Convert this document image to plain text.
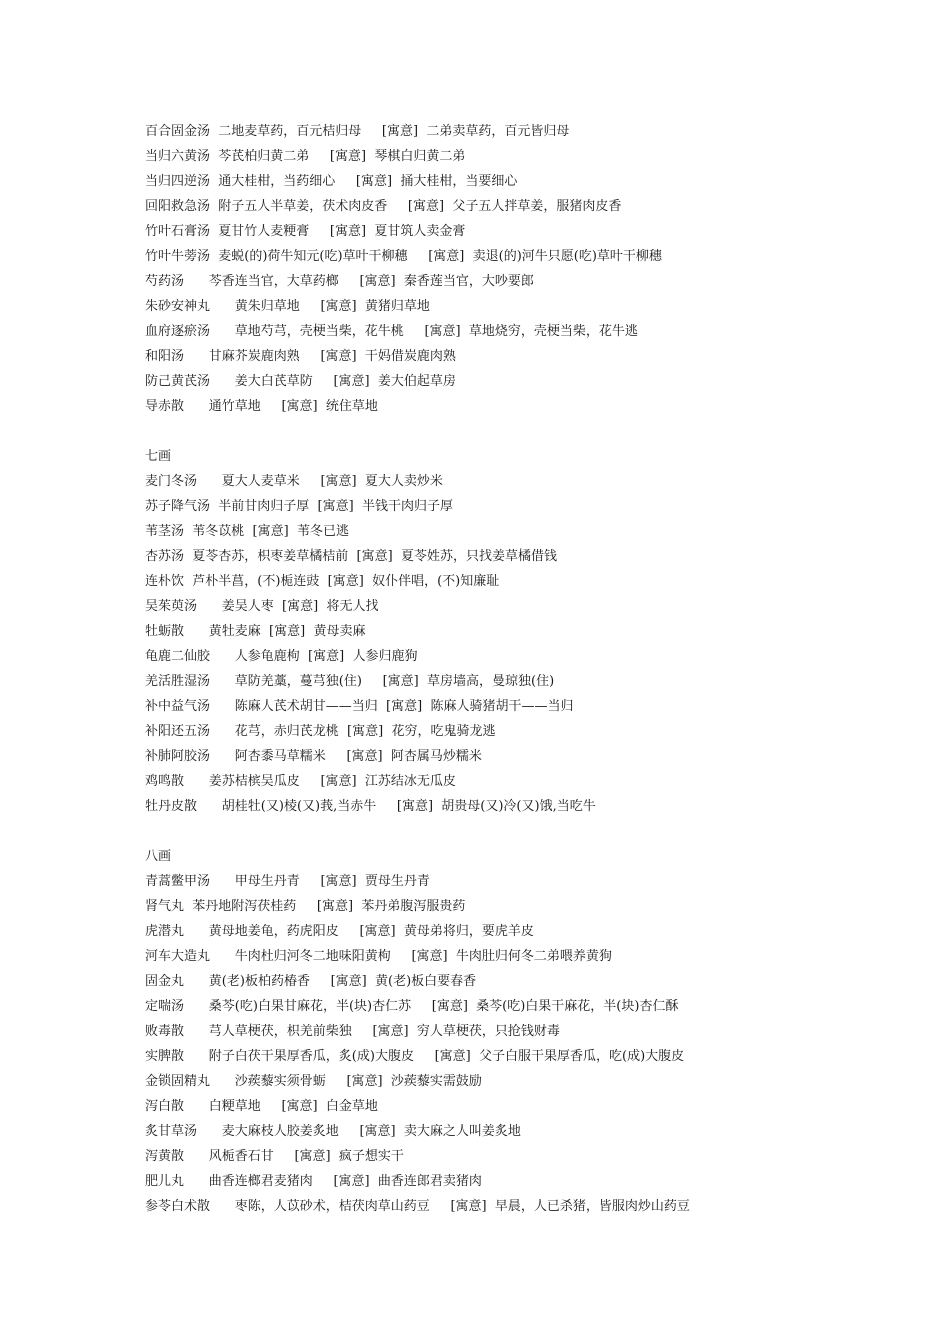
百合固金汤  二地麦草药，百元桔归母     [寓意]  二弟卖草药，百元皆归母
当归六黄汤  芩芪柏归黄二弟     [寓意]  琴棋白归黄二弟
当归四逆汤  通大桂柑，当药细心     [寓意]  捅大桂柑，当要细心
回阳救急汤  附子五人半草姜，茯术肉皮香     [寓意]  父子五人拌草姜，服猪肉皮香
竹叶石膏汤  夏甘竹人麦粳膏     [寓意]  夏甘筑人卖金膏
竹叶牛蒡汤  麦蜕(的)荷牛知元(吃)草叶干柳穗     [寓意]  卖退(的)河牛只愿(吃)草叶干柳穗
芍药汤      芩香连当官，大草药榔     [寓意]  秦香莲当官，大吵要郎
朱砂安神丸      黄朱归草地     [寓意]  黄猪归草地
血府逐瘀汤      草地芍芎，壳梗当柴，花牛桃     [寓意]  草地烧穷，壳梗当柴，花牛逃
和阳汤      甘麻芥炭鹿肉熟     [寓意]  干妈借炭鹿肉熟
防己黄芪汤      姜大白芪草防     [寓意]  姜大伯起草房
导赤散      通竹草地     [寓意]  统住草地
七画
麦门冬汤      夏大人麦草米     [寓意]  夏大人卖炒米
苏子降气汤  半前甘肉归子厚  [寓意]  半钱干肉归子厚
苇茎汤  苇冬苡桃  [寓意]  苇冬已逃
杏苏汤  夏苓杏苏，枳枣姜草橘桔前  [寓意]  夏苓姓苏，只找姜草橘借钱
连朴饮  芦朴半菖，(不)栀连豉  [寓意]  奴仆伴唱，(不)知廉耻
吴茱萸汤      姜吴人枣  [寓意]  将无人找
牡蛎散      黄牡麦麻  [寓意]  黄母卖麻
龟鹿二仙胶      人参龟鹿枸  [寓意]  人参归鹿狗
羌活胜湿汤      草防羌藁，蔓芎独(住)     [寓意]  草房墙高，曼琼独(住)
补中益气汤      陈麻人芪术胡甘——当归  [寓意]  陈麻人骑猪胡干——当归
补阳还五汤      花芎，赤归芪龙桃  [寓意]  花穷，吃鬼骑龙逃
补肺阿胶汤      阿杏黍马草糯米     [寓意]  阿杏属马炒糯米
鸡鸣散      姜苏桔槟吴瓜皮     [寓意]  江苏结冰无瓜皮
牡丹皮散      胡桂牡(又)棱(又)莪,当赤牛     [寓意]  胡贵母(又)冷(又)饿,当吃牛
八画
青蒿鳖甲汤      甲母生丹青     [寓意]  贾母生丹青
肾气丸  苯丹地附泻茯桂药     [寓意]  苯丹弟腹泻服贵药
虎潜丸      黄母地姜龟，药虎阳皮     [寓意]  黄母弟将归，要虎羊皮
河车大造丸      牛肉杜归河冬二地味阳黄枸     [寓意]  牛肉肚归何冬二弟喂养黄狗
固金丸      黄(老)板柏药椿香     [寓意]  黄(老)板白要春香
定喘汤      桑芩(吃)白果甘麻花，半(块)杏仁苏     [寓意]  桑芩(吃)白果干麻花，半(块)杏仁酥
败毒散      芎人草梗茯，枳羌前柴独     [寓意]  穷人草梗茯，只抢钱财毒
实脾散      附子白茯干果厚香瓜，炙(成)大腹皮     [寓意]  父子白服干果厚香瓜，吃(成)大腹皮
金锁固精丸      沙蒺藜实须骨蛎     [寓意]  沙蒺藜实需鼓励
泻白散      白粳草地     [寓意]  白金草地
炙甘草汤      麦大麻枝人胶姜炙地     [寓意]  卖大麻之人叫姜炙地
泻黄散      风栀香石甘     [寓意]  疯子想实干
肥儿丸      曲香连榔君麦猪肉     [寓意]  曲香连郎君卖猪肉
参苓白术散      枣陈，人苡砂术，桔茯肉草山药豆     [寓意]  早晨，人已杀猪，皆服肉炒山药豆
